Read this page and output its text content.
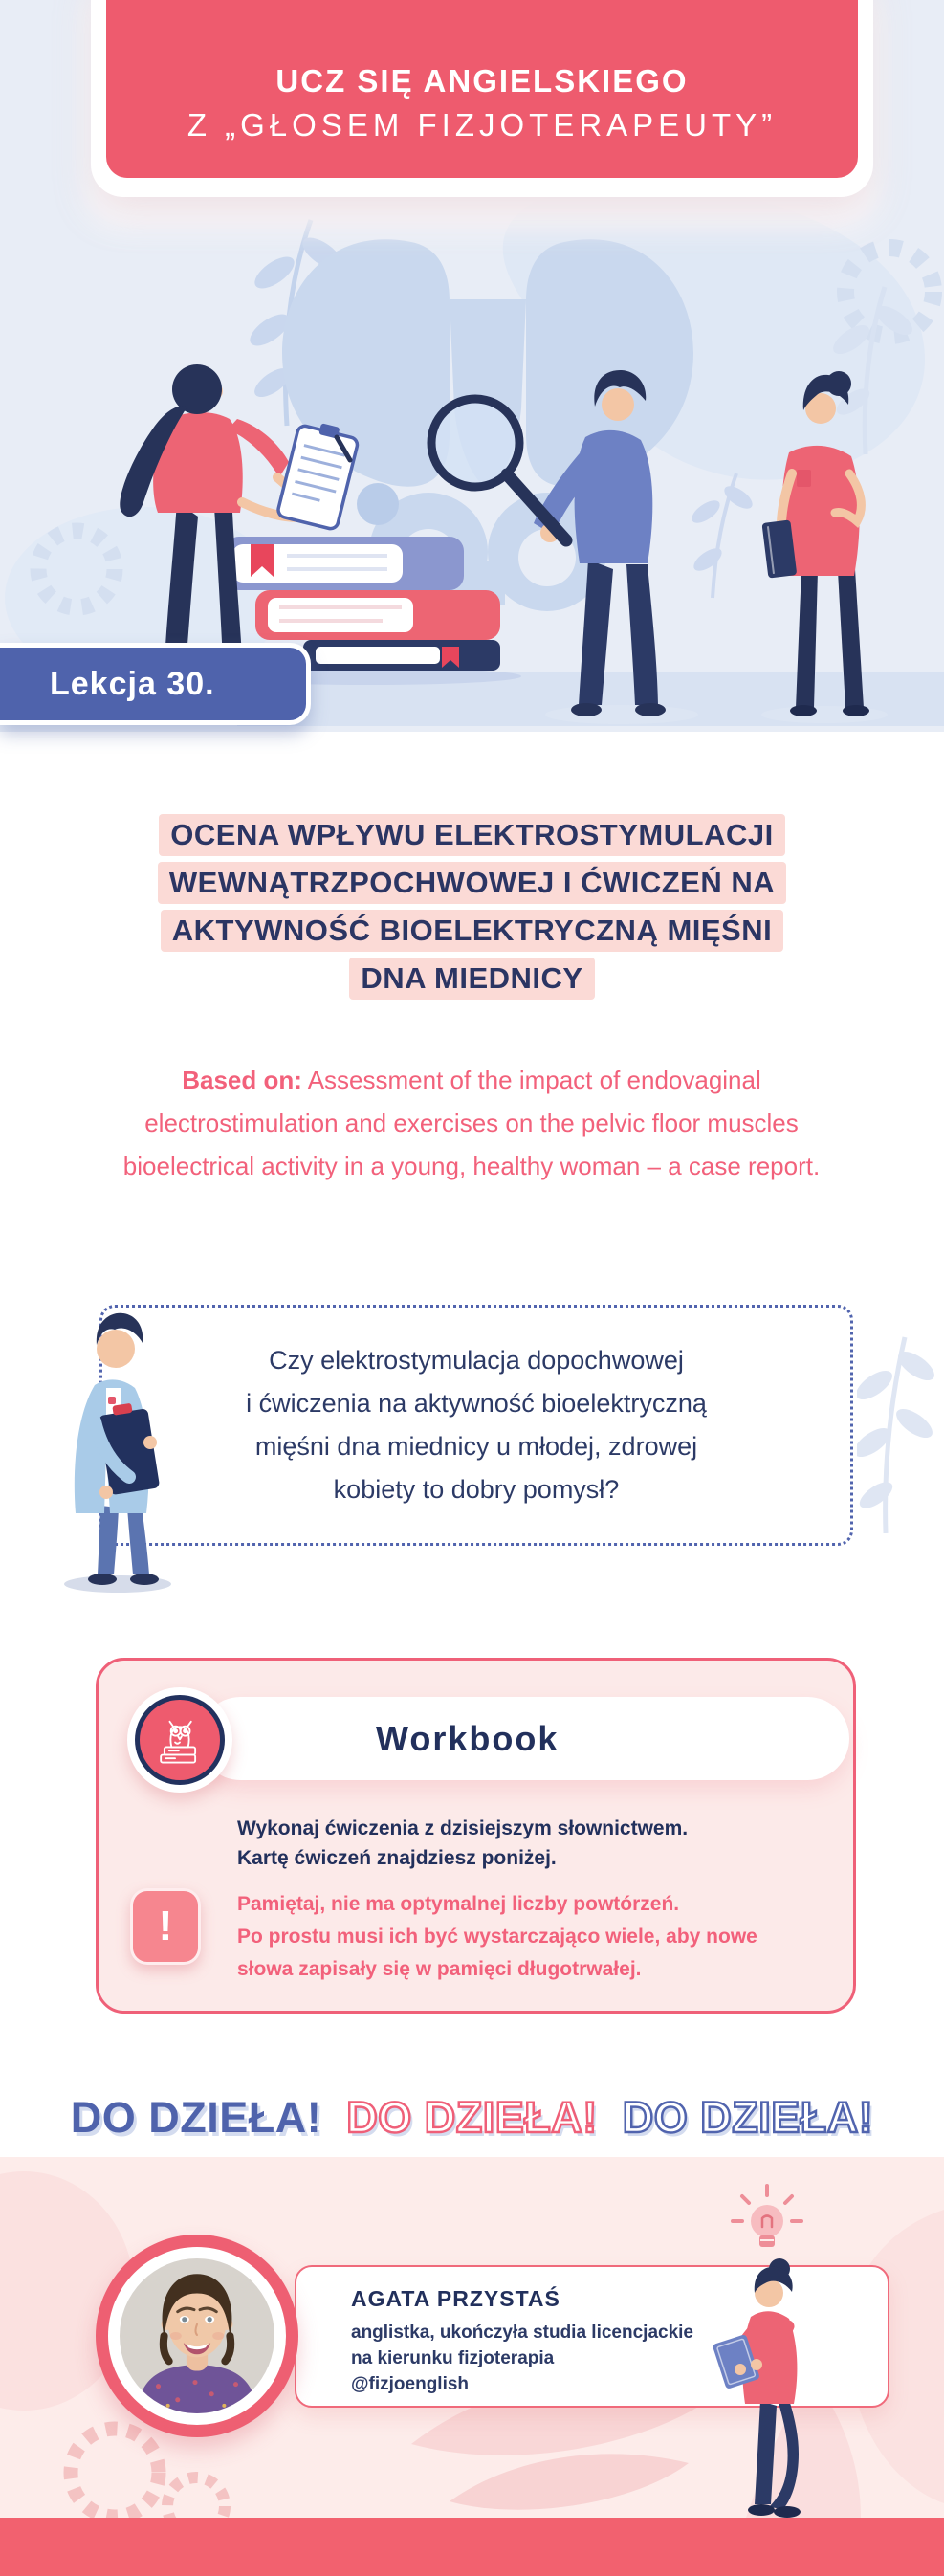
UCZ SIĘ ANGIELSKIEGO
Z „GŁOSEM FIZJOTERAPEUTY”
Lekcja 30.
OCENA WPŁYWU ELEKTROSTYMULACJI
WEWNĄTRZPOCHWOWEJ I ĆWICZEŃ NA
AKTYWNOŚĆ BIOELEKTRYCZNĄ MIĘŚNI
DNA MIEDNICY
Based on: Assessment of the impact of endovaginal electrostimulation and exercises on the pelvic floor muscles bioelectrical activity in a young, healthy woman – a case report.
Czy elektrostymulacja dopochwowej
i ćwiczenia na aktywność bioelektryczną
mięśni dna miednicy u młodej, zdrowej
kobiety to dobry pomysł?
Workbook
Wykonaj ćwiczenia z dzisiejszym słownictwem.
Kartę ćwiczeń znajdziesz poniżej.
!	Pamiętaj, nie ma optymalnej liczby powtórzeń.
Po prostu musi ich być wystarczająco wiele, aby nowe
słowa zapisały się w pamięci długotrwałej.
DO DZIEŁA! DO DZIEŁA! DO DZIEŁA!
AGATA PRZYSTAŚ
anglistka, ukończyła studia licencjackie
na kierunku fizjoterapia
@fizjoenglish
